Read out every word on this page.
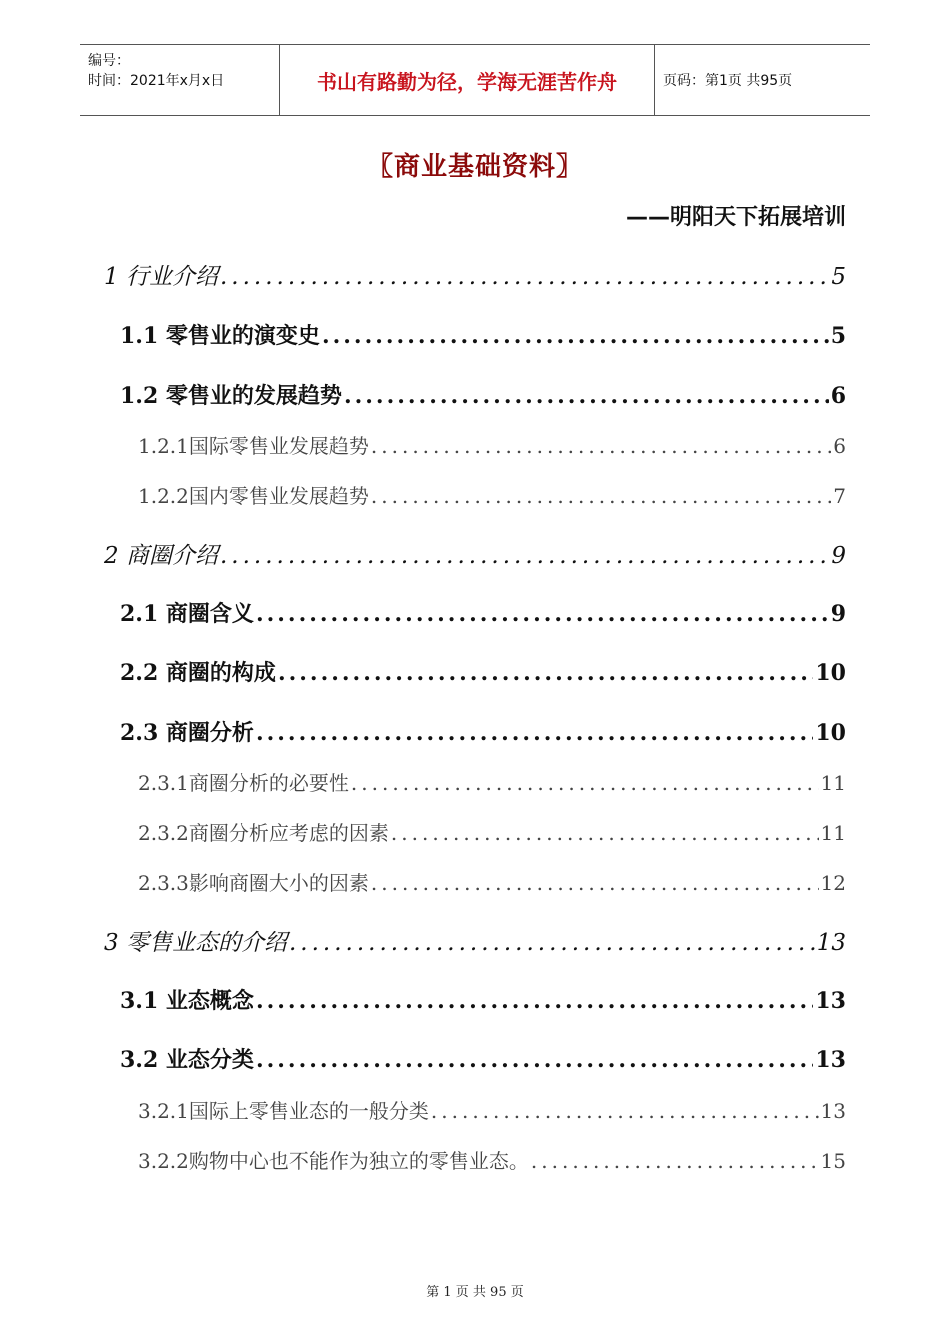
编号：
时间：2021年x月x日	书山有路勤为径，学海无涯苦作舟	页码：第1页 共95页
〖商业基础资料〗
——明阳天下拓展培训
1 行业介绍 .....	5
1.1 零售业的演变史 .....	5
1.2 零售业的发展趋势 .....	6
1.2.1国际零售业发展趋势 .....	6
1.2.2国内零售业发展趋势 .....	7
2 商圈介绍 .....	9
2.1 商圈含义 .....	9
2.2 商圈的构成 .....	10
2.3 商圈分析 .....	10
2.3.1商圈分析的必要性 .....	11
2.3.2商圈分析应考虑的因素 .....	11
2.3.3影响商圈大小的因素 .....	12
3 零售业态的介绍 .....	13
3.1 业态概念 .....	13
3.2 业态分类 .....	13
3.2.1国际上零售业态的一般分类 .....	13
3.2.2购物中心也不能作为独立的零售业态。 .....	15
第 1 页 共 95 页
